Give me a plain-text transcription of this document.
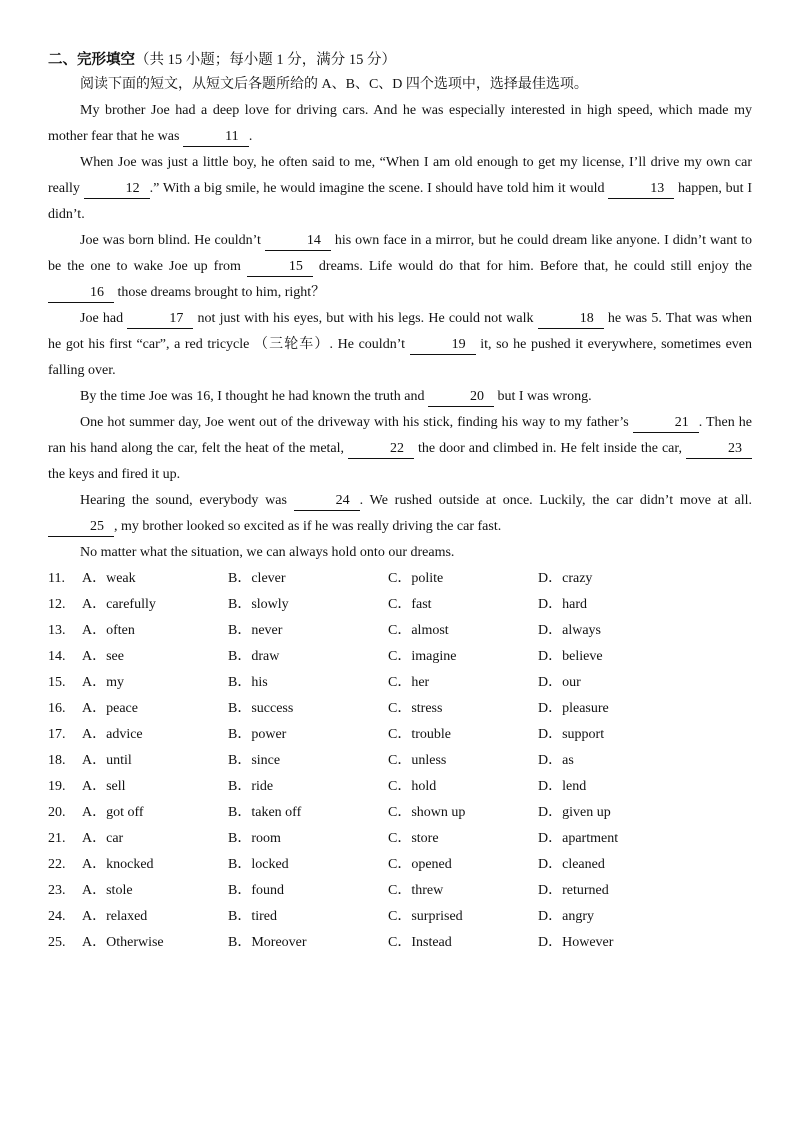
二、完形填空（共 15 小题；每小题 1 分，满分 15 分）
阅读下面的短文，从短文后各题所给的 A、B、C、D 四个选项中，选择最佳选项。

My brother Joe had a deep love for driving cars. And he was especially interested in high speed, which made my mother fear that he was	11 .

When Joe was just a little boy, he often said to me, “When I am old enough to get my license, I’ll drive my own car really	12 .” With a big smile, he would imagine the scene. I should have told him it would	13 happen, but I didn’t.

Joe was born blind. He couldn’t	14 his own face in a mirror, but he could dream like anyone. I didn’t want to be the one to wake Joe up from	15 dreams. Life would do that for him. Before that, he could still enjoy the 16 those dreams brought to him, right？

Joe had	17 not just with his eyes, but with his legs. He could not walk	18 he was 5. That was when he got his first “car”, a red tricycle （三轮车）. He couldn’t	19 it, so he pushed it everywhere, sometimes even falling over.

By the time Joe was 16, I thought he had known the truth and	20 but I was wrong.

One hot summer day, Joe went out of the driveway with his stick, finding his way to my father’s	21 . Then he ran his hand along the car, felt the heat of the metal,	22 the door and climbed in. He felt inside the car,	23 the keys and fired it up.

Hearing the sound, everybody was	24 . We rushed outside at once. Luckily, the car didn’t move at all. 25 , my brother looked so excited as if he was really driving the car fast.

No matter what the situation, we can always hold onto our dreams.

11. A．weak	B．clever	C．polite	D．crazy
12. A．carefully	B．slowly	C．fast	D．hard
13. A．often	B．never	C．almost	D．always
14. A．see	B．draw	C．imagine	D．believe
15. A．my	B．his	C．her	D．our
16. A．peace	B．success	C．stress	D．pleasure
17. A．advice	B．power	C．trouble	D．support
18. A．until	B．since	C．unless	D．as
19. A．sell	B．ride	C．hold	D．lend
20. A．got off	B．taken off	C．shown up	D．given up
21. A．car	B．room	C．store	D．apartment
22. A．knocked	B．locked	C．opened	D．cleaned
23. A．stole	B．found	C．threw	D．returned
24. A．relaxed	B．tired	C．surprised	D．angry
25. A．Otherwise	B．Moreover	C．Instead	D．However
